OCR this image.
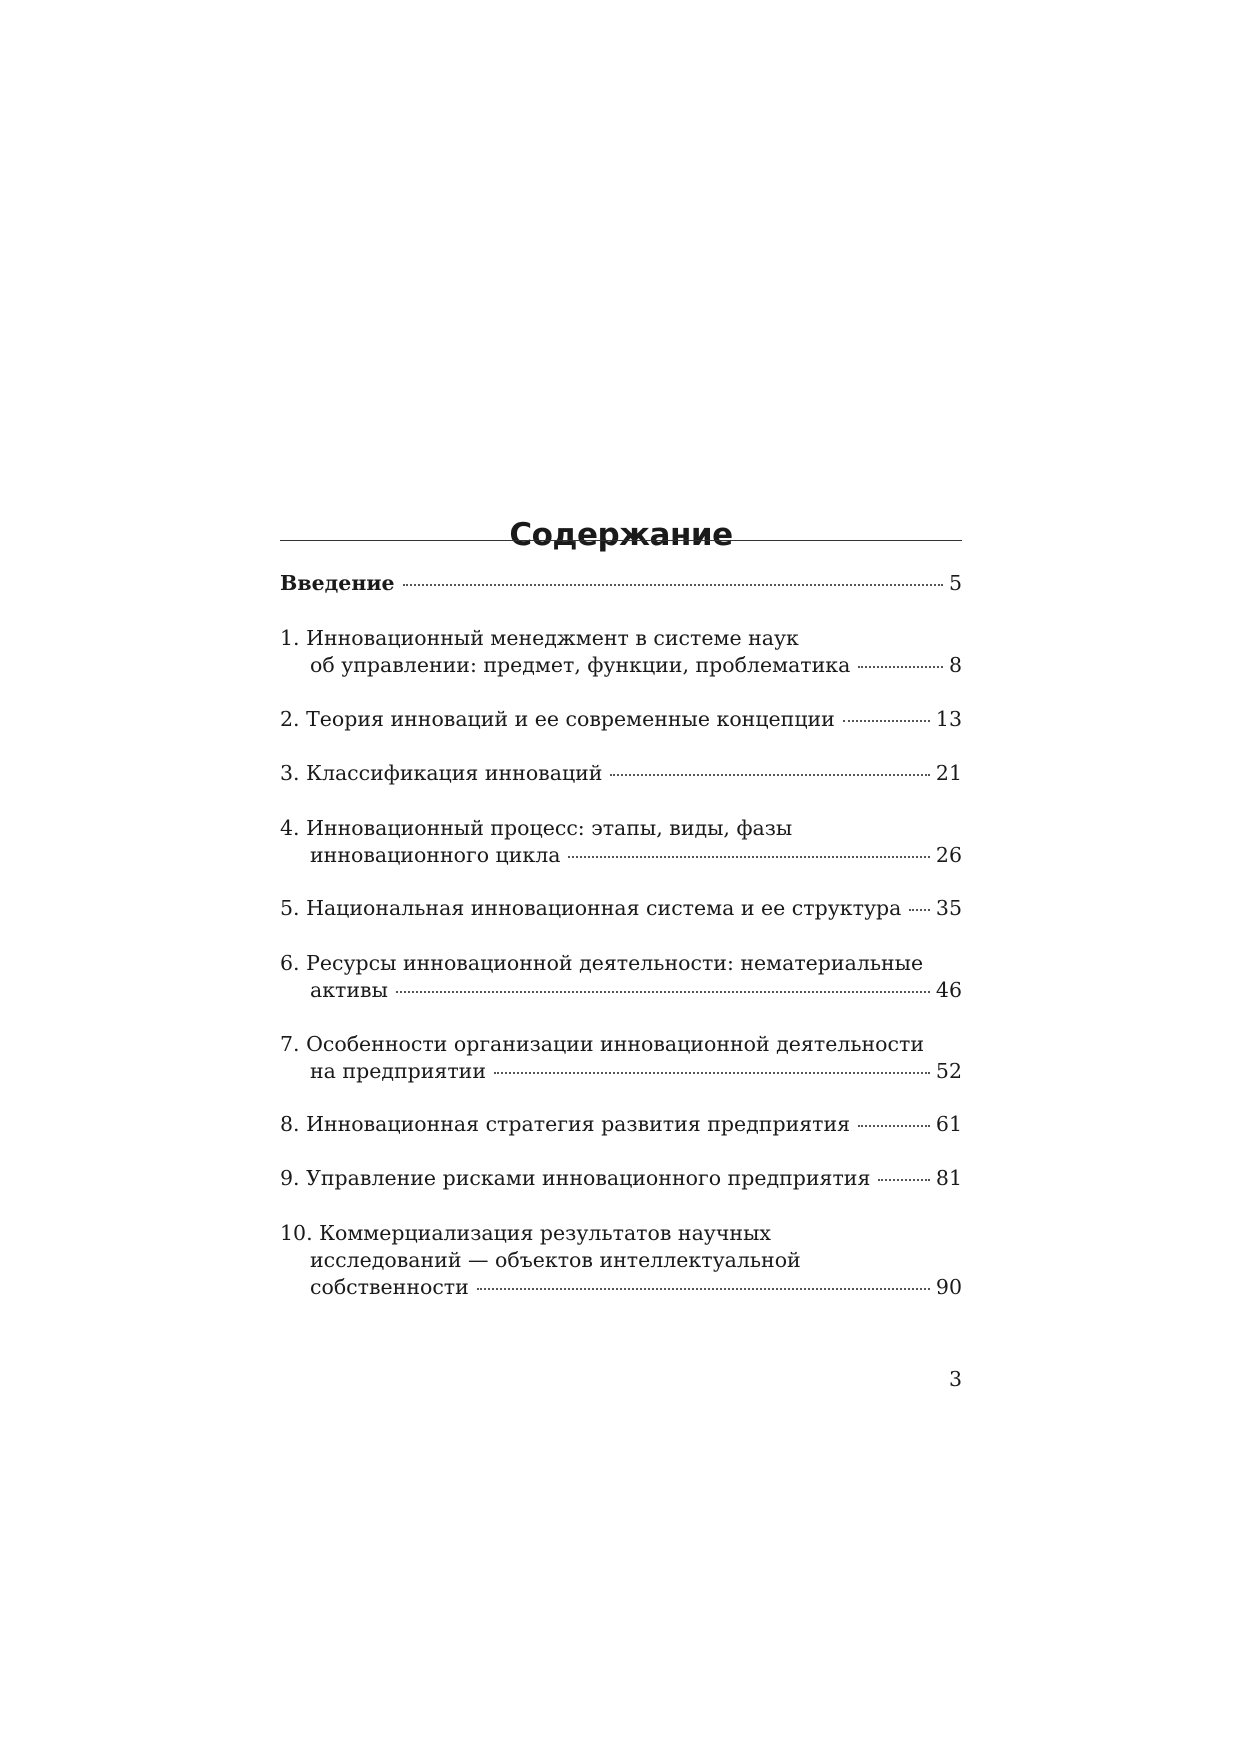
Содержание
Введение	5
1. Инновационный менеджмент в системе наук
об управлении: предмет, функции, проблематика	8
2. Теория инноваций и ее современные концепции	13
3. Классификация инноваций	21
4. Инновационный процесс: этапы, виды, фазы
инновационного цикла	26
5. Национальная инновационная система и ее структура 35
6. Ресурсы инновационной деятельности: нематериальные
активы	46
7. Особенности организации инновационной деятельности
на предприятии	52
8. Инновационная стратегия развития предприятия	61
9. Управление рисками инновационного предприятия	81
10. Коммерциализация результатов научных
исследований — объектов интеллектуальной
собственности	90
3
